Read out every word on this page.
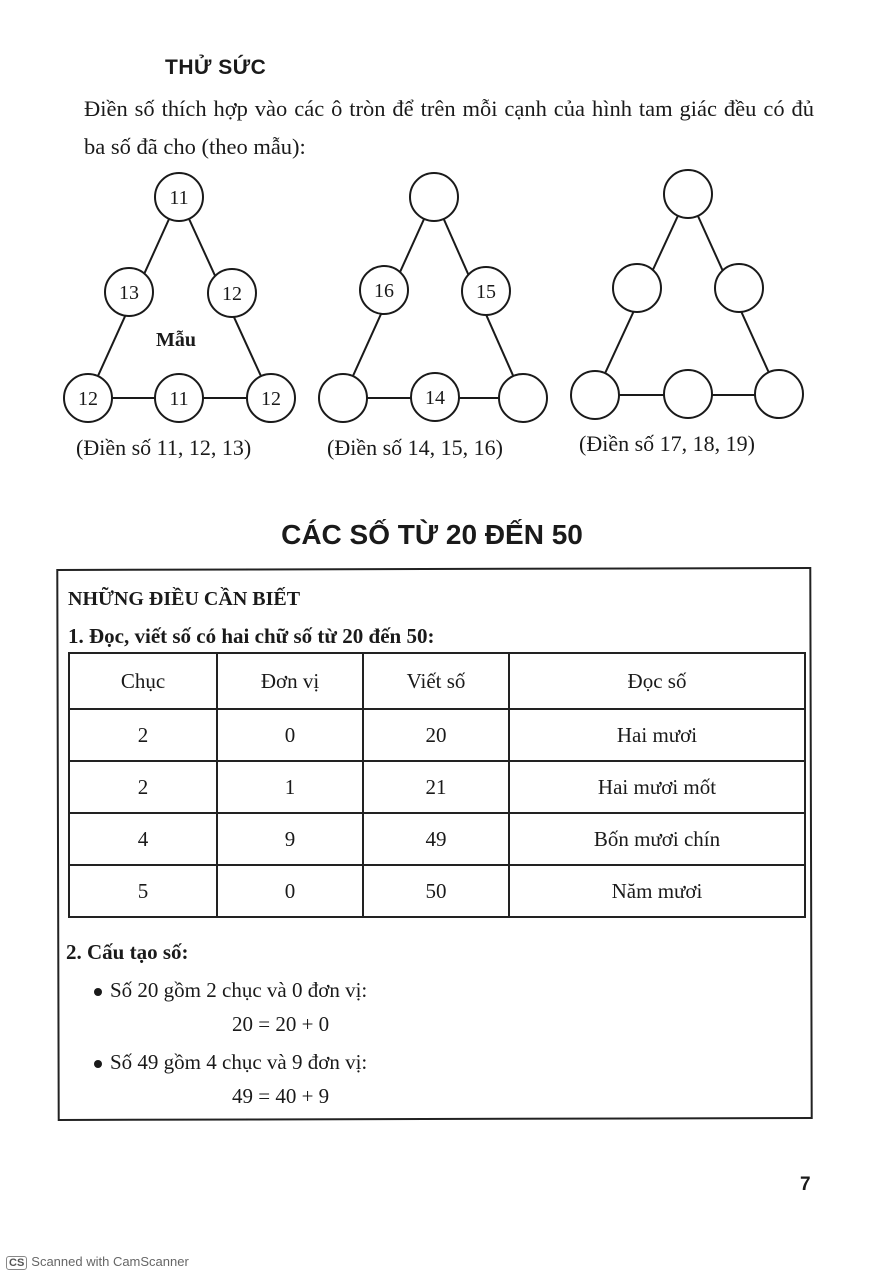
THỬ SỨC
Điền số thích hợp vào các ô tròn để trên mỗi cạnh của hình tam giác đều có đủ ba số đã cho (theo mẫu):
11
13	12
12	11	12
Mẫu
16	15
14
(Điền số 11, 12, 13)	(Điền số 14, 15, 16)	(Điền số 17, 18, 19)
CÁC SỐ TỪ 20 ĐẾN 50
NHỮNG ĐIỀU CẦN BIẾT
1. Đọc, viết số có hai chữ số từ 20 đến 50:
Chục	Đơn vị	Viết số	Đọc số
2	0	20	Hai mươi
2	1	21	Hai mươi mốt
4	9	49	Bốn mươi chín
5	0	50	Năm mươi
2. Cấu tạo số:
Số 20 gồm 2 chục và 0 đơn vị:
20 = 20 + 0
Số 49 gồm 4 chục và 9 đơn vị:
49 = 40 + 9
7
CS Scanned with CamScanner
